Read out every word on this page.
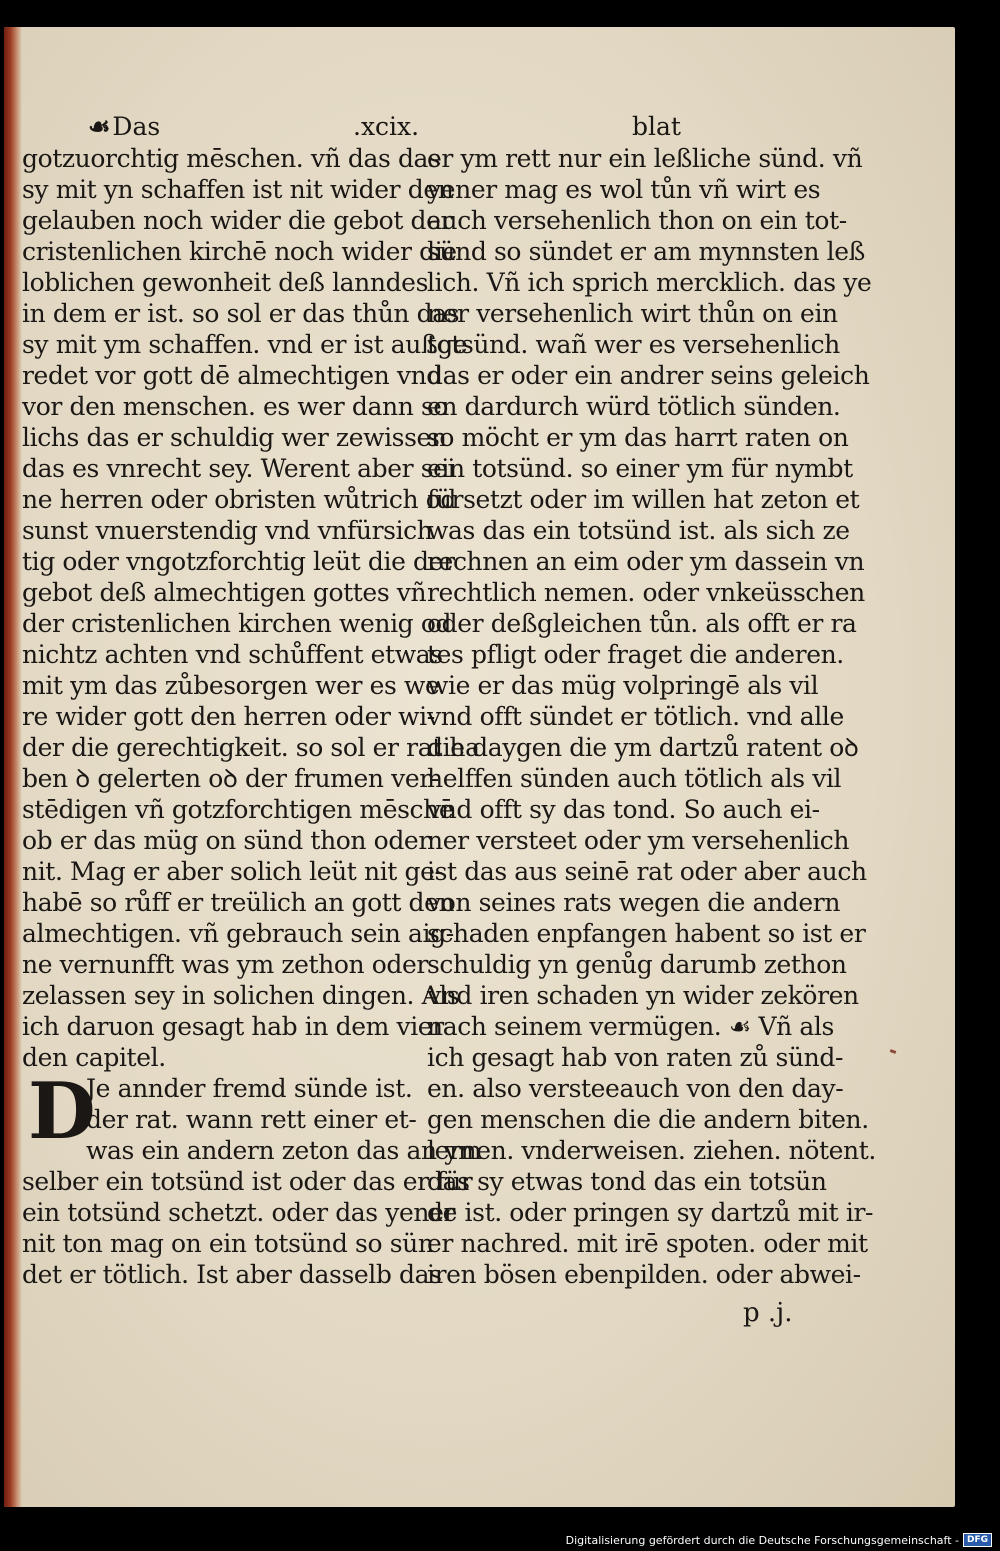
☙Das	.xcix.	blat
gotzuorchtig mēschen. vñ das das
sy mit yn schaffen ist nit wider den
gelauben noch wider die gebot der
cristenlichen kirchē noch wider die
loblichen gewonheit deß lanndes
in dem er ist. so sol er das thůn das
sy mit ym schaffen. vnd er ist außge
redet vor gott dē almechtigen vnd
vor den menschen. es wer dann so
lichs das er schuldig wer zewissen
das es vnrecht sey. Werent aber sei
ne herren oder obristen wůtrich od
sunst vnuerstendig vnd vnfürsich
tig oder vngotzforchtig leüt die der
gebot deß almechtigen gottes vñ
der cristenlichen kirchen wenig od
nichtz achten vnd schůffent etwas
mit ym das zůbesorgen wer es we
re wider gott den herren oder wi-
der die gerechtigkeit. so sol er rat ha
ben ꝺ gelerten oꝺ der frumen ver-
stēdigen vñ gotzforchtigen mēschē
ob er das müg on sünd thon oder
nit. Mag er aber solich leüt nit ge-
habē so růff er treülich an gott den
almechtigen. vñ gebrauch sein aig-
ne vernunfft was ym zethon oder
zelassen sey in solichen dingen. Als
ich daruon gesagt hab in dem vier
den capitel.
D
Je annder fremd sünde ist.
der rat. wann rett einer et-
was ein andern zeton das an ym
selber ein totsünd ist oder das er für
ein totsünd schetzt. oder das yener
nit ton mag on ein totsünd so sün
det er tötlich. Ist aber dasselb das
er ym rett nur ein leßliche sünd. vñ
yener mag es wol tůn vñ wirt es
auch versehenlich thon on ein tot-
sünd so sündet er am mynnsten leß
lich. Vñ ich sprich mercklich. das ye
ner versehenlich wirt thůn on ein
totsünd. wañ wer es versehenlich
das er oder ein andrer seins geleich
en dardurch würd tötlich sünden.
so möcht er ym das harrt raten on
ein totsünd. so einer ym für nymbt
fürsetzt oder im willen hat zeton et
was das ein totsünd ist. als sich ze
rechnen an eim oder ym dassein vn
rechtlich nemen. oder vnkeüsschen
oder deßgleichen tůn. als offt er ra
tes pfligt oder fraget die anderen.
wie er das müg volpringē als vil
vnd offt sündet er tötlich. vnd alle
die daygen die ym dartzů ratent oꝺ
helffen sünden auch tötlich als vil
vnd offt sy das tond. So auch ei-
ner versteet oder ym versehenlich
ist das aus seinē rat oder aber auch
von seines rats wegen die andern
schaden enpfangen habent so ist er
schuldig yn genůg darumb zethon
vnd iren schaden yn wider zekören
nach seinem vermügen. ☙ Vñ als
ich gesagt hab von raten zů sünd-
en. also versteeauch von den day-
gen menschen die die andern biten.
lernen. vnderweisen. ziehen. nötent.
das sy etwas tond das ein totsün
de ist. oder pringen sy dartzů mit ir-
er nachred. mit irē spoten. oder mit
iren bösen ebenpilden. oder abwei-
p .j.
Digitalisierung gefördert durch die Deutsche Forschungsgemeinschaft - DFG
